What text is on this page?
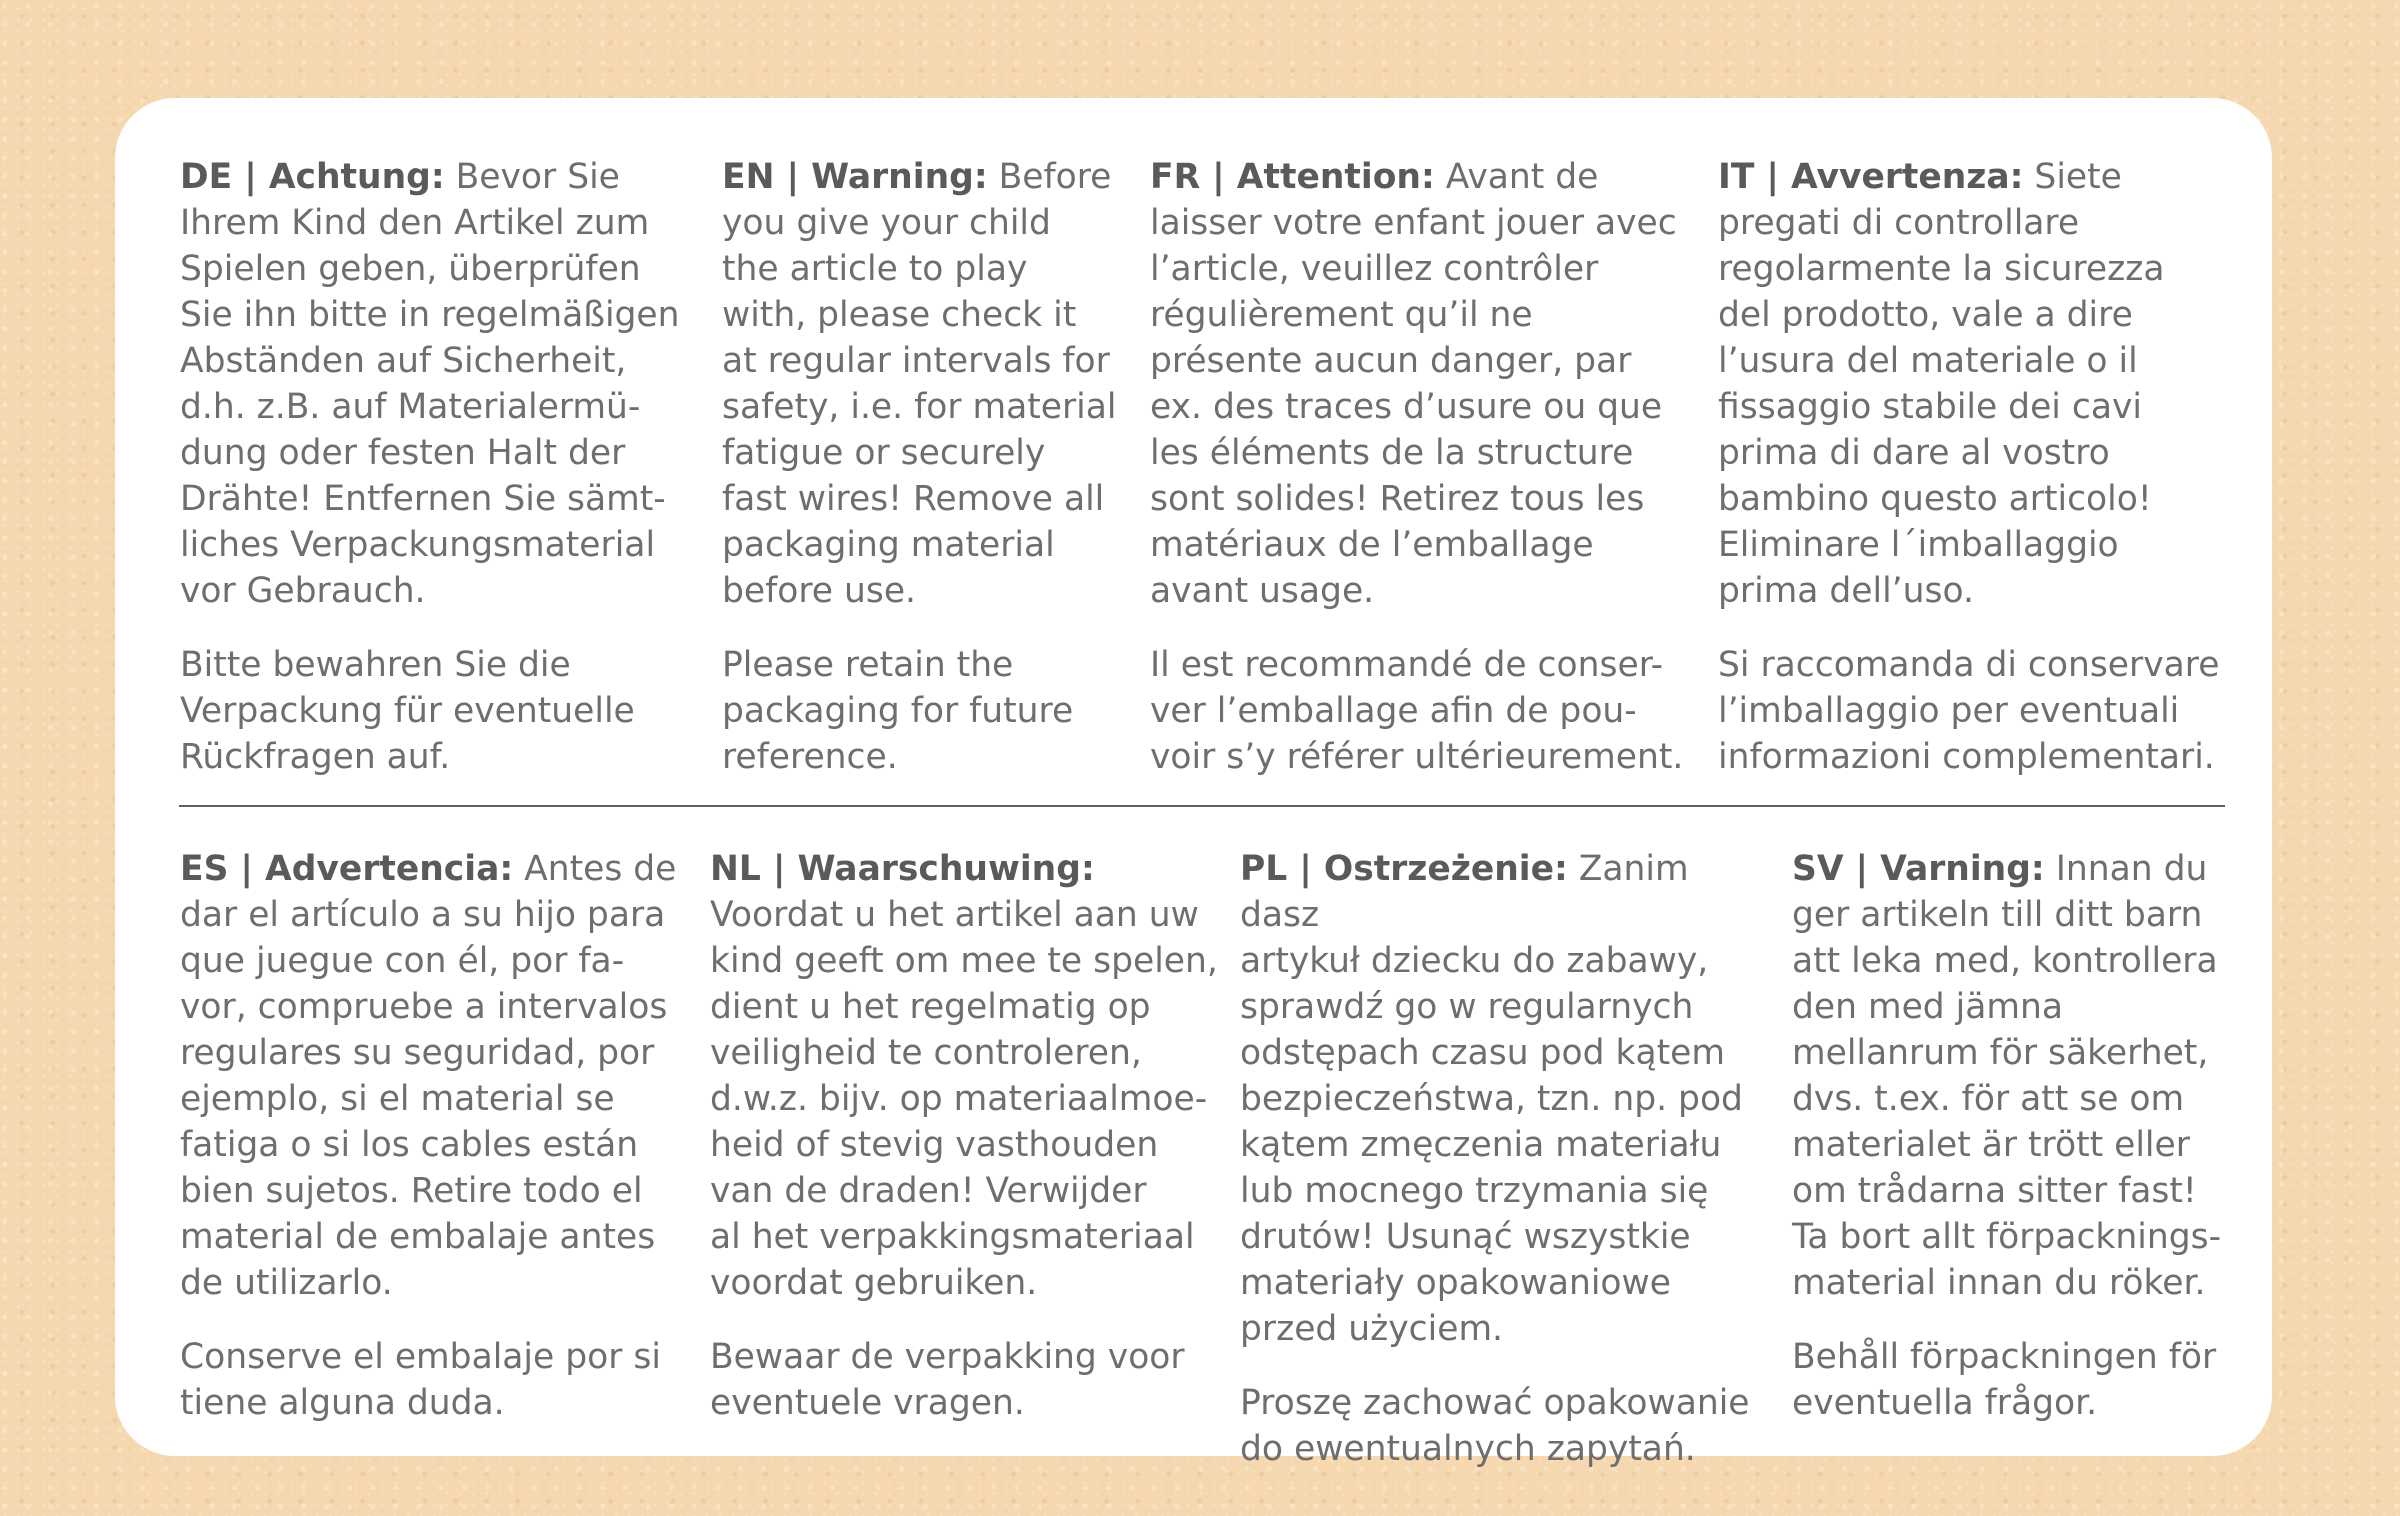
DE | Achtung: Bevor Sie
Ihrem Kind den Artikel zum
Spielen geben, überprüfen
Sie ihn bitte in regelmäßigen
Abständen auf Sicherheit,
d.h. z.B. auf Materialermü-
dung oder festen Halt der
Drähte! Entfernen Sie sämt-
liches Verpackungsmaterial
vor Gebrauch.

Bitte bewahren Sie die
Verpackung für eventuelle
Rückfragen auf.

EN | Warning: Before
you give your child
the article to play
with, please check it
at regular intervals for
safety, i.e. for material
fatigue or securely
fast wires! Remove all
packaging material
before use.

Please retain the
packaging for future
reference.

FR | Attention: Avant de
laisser votre enfant jouer avec
l’article, veuillez contrôler
régulièrement qu’il ne
présente aucun danger, par
ex. des traces d’usure ou que
les éléments de la structure
sont solides! Retirez tous les
matériaux de l’emballage
avant usage.

Il est recommandé de conser-
ver l’emballage afin de pou-
voir s’y référer ultérieurement.

IT | Avvertenza: Siete
pregati di controllare
regolarmente la sicurezza
del prodotto, vale a dire
l’usura del materiale o il
fissaggio stabile dei cavi
prima di dare al vostro
bambino questo articolo!
Eliminare l´imballaggio
prima dell’uso.

Si raccomanda di conservare
l’imballaggio per eventuali
informazioni complementari.

ES | Advertencia: Antes de
dar el artículo a su hijo para
que juegue con él, por fa-
vor, compruebe a intervalos
regulares su seguridad, por
ejemplo, si el material se
fatiga o si los cables están
bien sujetos. Retire todo el
material de embalaje antes
de utilizarlo.

Conserve el embalaje por si
tiene alguna duda.

NL | Waarschuwing:
Voordat u het artikel aan uw
kind geeft om mee te spelen,
dient u het regelmatig op
veiligheid te controleren,
d.w.z. bijv. op materiaalmoe-
heid of stevig vasthouden
van de draden! Verwijder
al het verpakkingsmateriaal
voordat gebruiken.

Bewaar de verpakking voor
eventuele vragen.

PL | Ostrzeżenie: Zanim dasz
artykuł dziecku do zabawy,
sprawdź go w regularnych
odstępach czasu pod kątem
bezpieczeństwa, tzn. np. pod
kątem zmęczenia materiału
lub mocnego trzymania się
drutów! Usunąć wszystkie
materiały opakowaniowe
przed użyciem.

Proszę zachować opakowanie
do ewentualnych zapytań.

SV | Varning: Innan du
ger artikeln till ditt barn
att leka med, kontrollera
den med jämna
mellanrum för säkerhet,
dvs. t.ex. för att se om
materialet är trött eller
om trådarna sitter fast!
Ta bort allt förpacknings-
material innan du röker.

Behåll förpackningen för
eventuella frågor.
